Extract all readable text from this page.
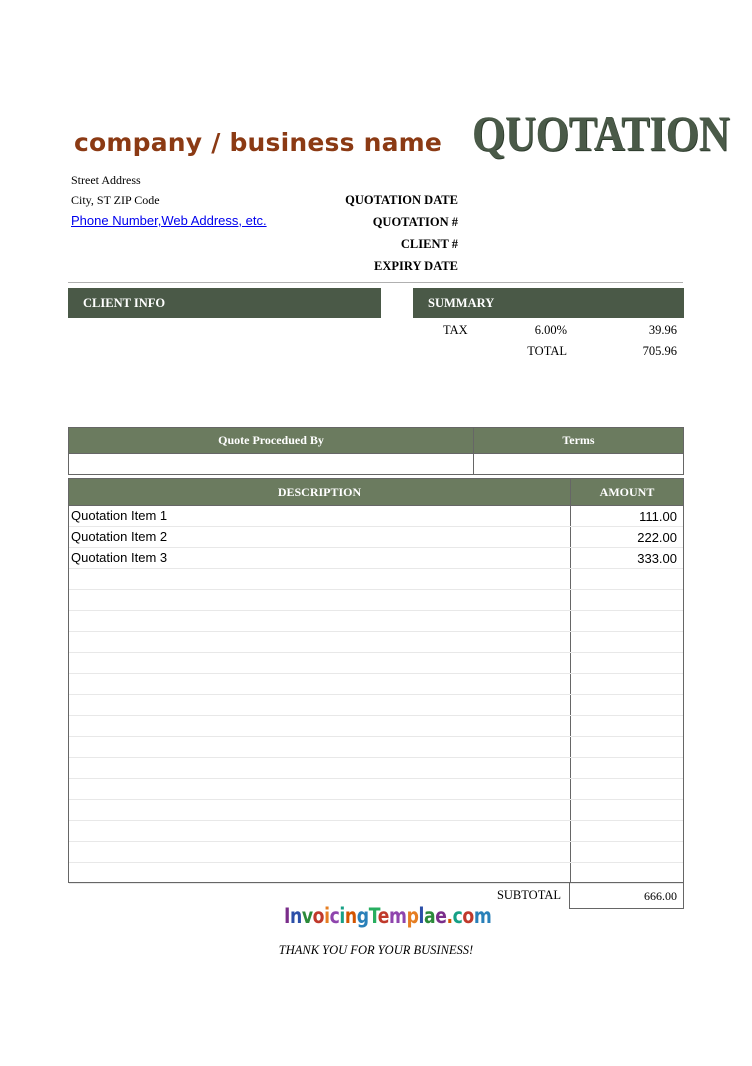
company / business name QUOTATION
Street Address
City, ST ZIP Code
Phone Number,Web Address, etc.
QUOTATION DATE
QUOTATION #
CLIENT #
EXPIRY DATE
CLIENT INFO	SUMMARY
TAX	6.00%	39.96
TOTAL	705.96
Quote Procedued By	Terms
DESCRIPTION	AMOUNT
Quotation Item 1	111.00
Quotation Item 2	222.00
Quotation Item 3	333.00
SUBTOTAL	666.00
InvoicingTemplae.com
THANK YOU FOR YOUR BUSINESS!
